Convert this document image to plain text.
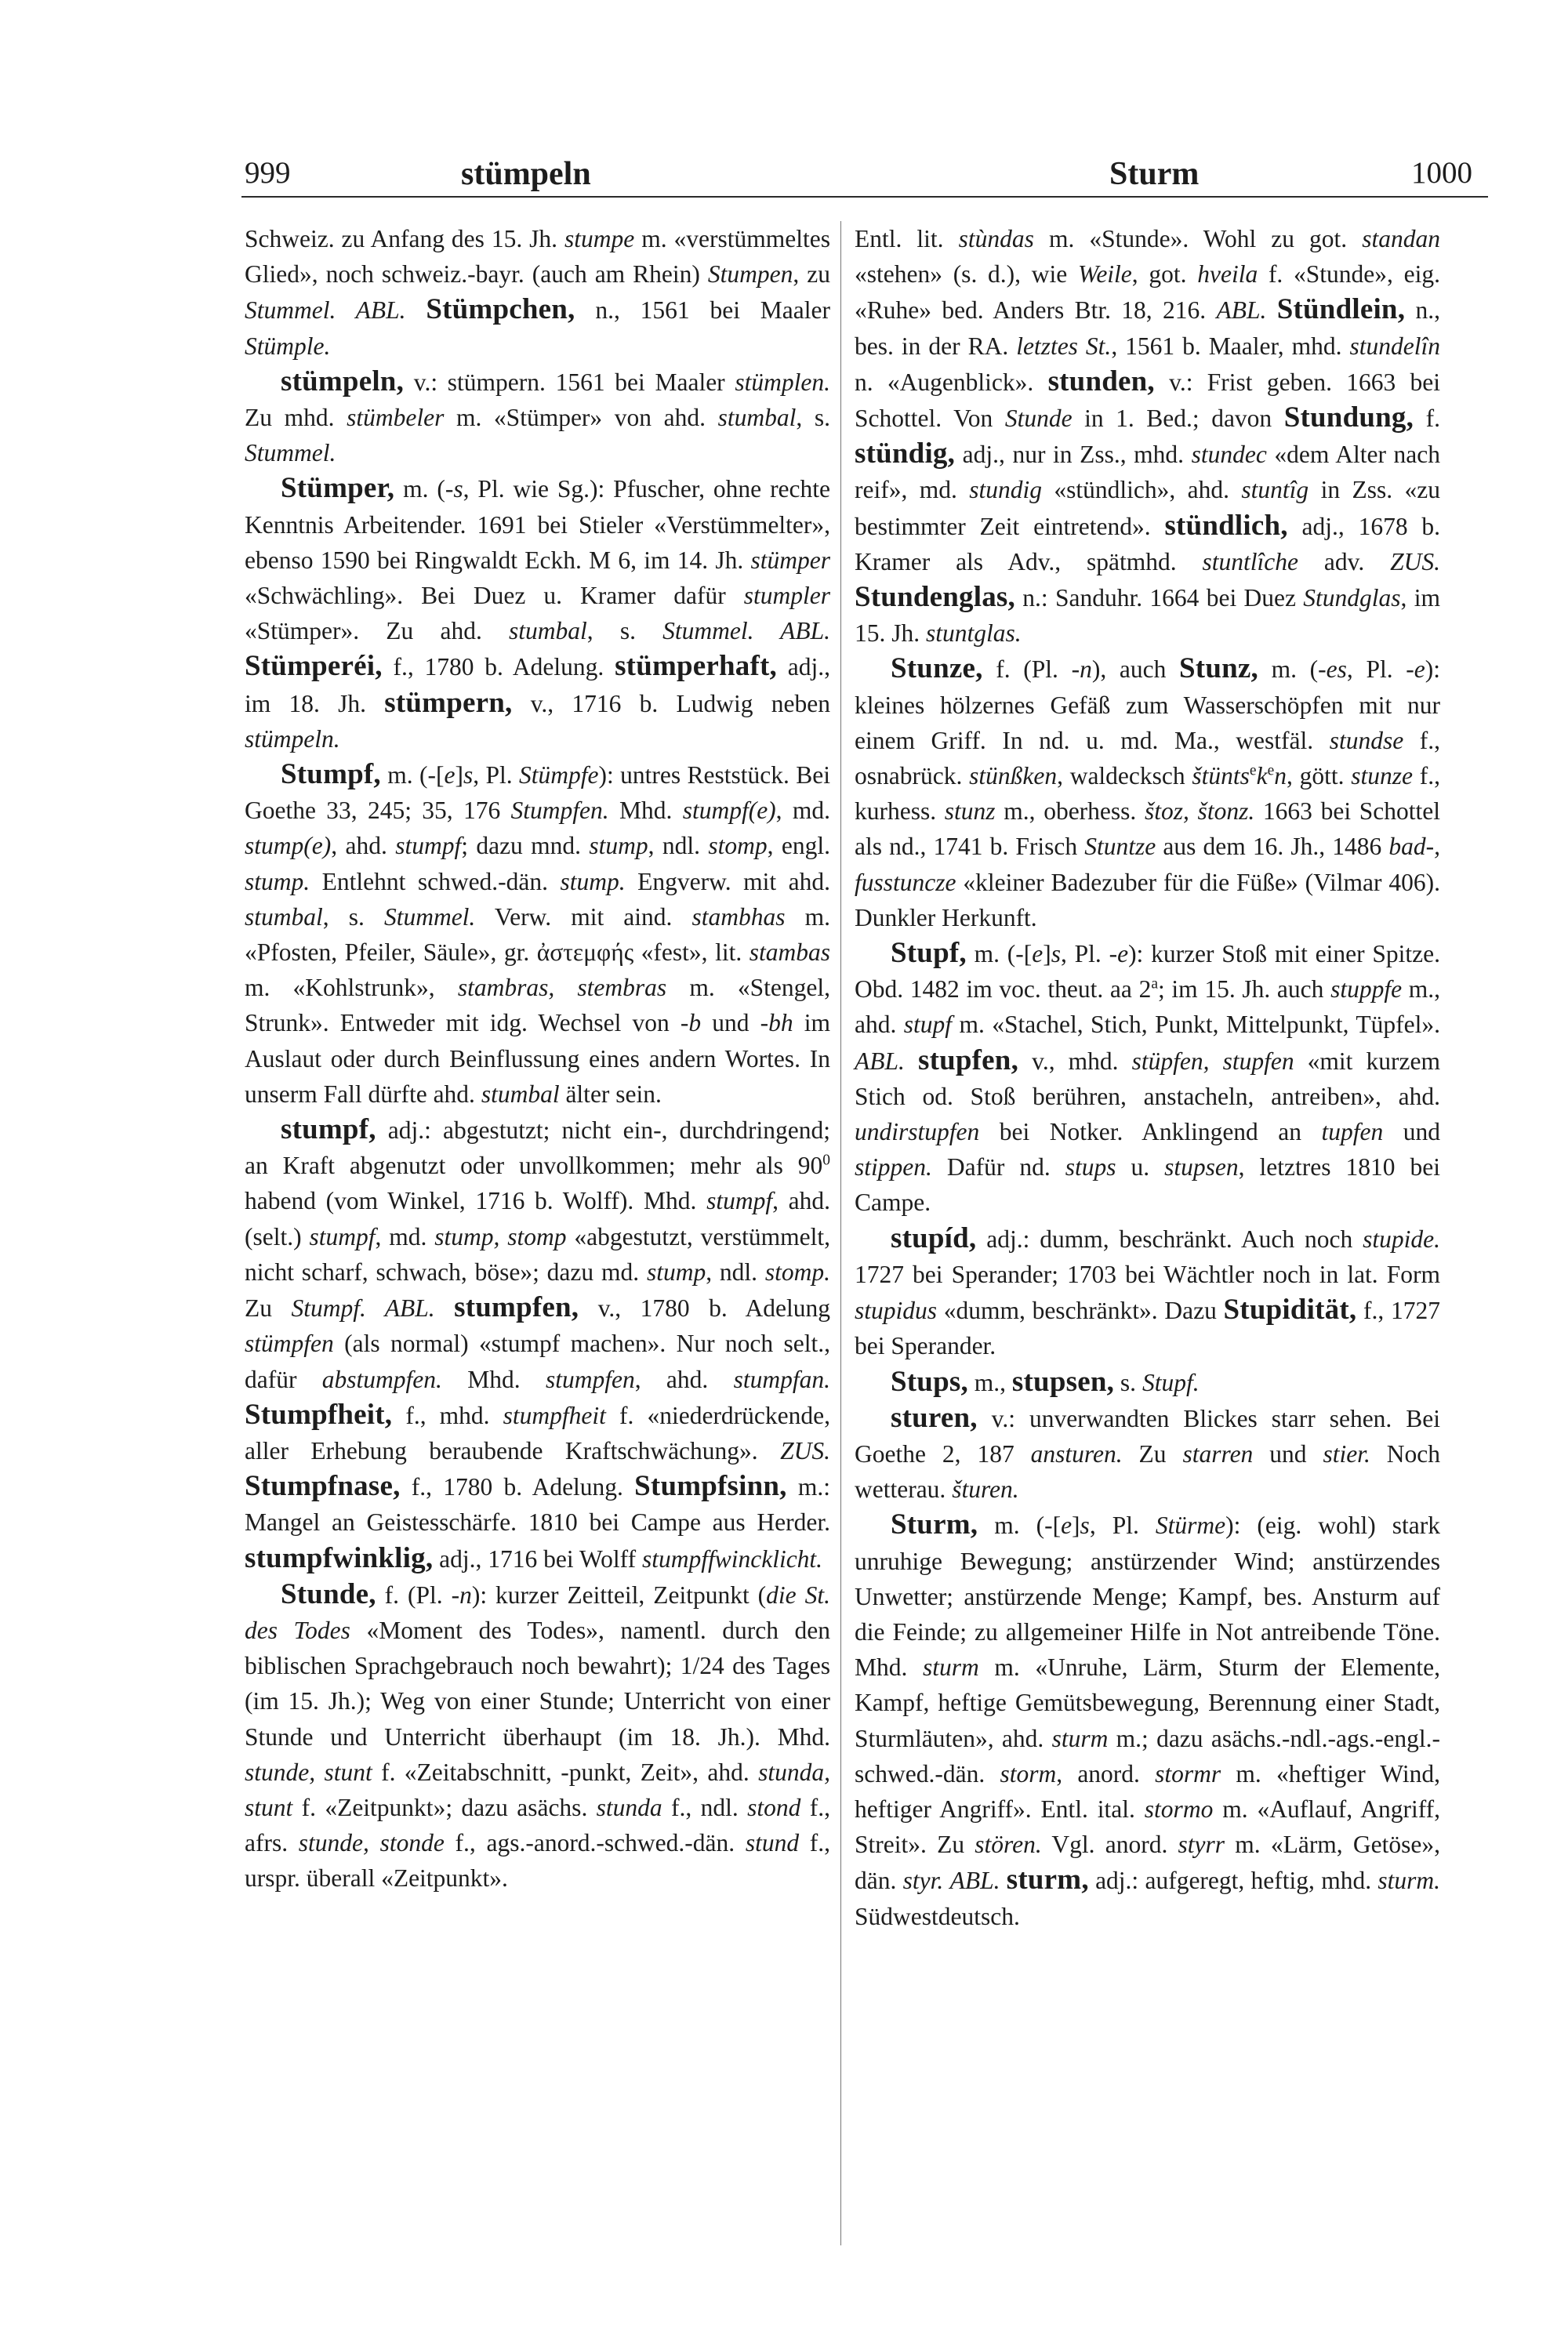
999	stümpeln	Sturm	1000

Schweiz. zu Anfang des 15. Jh. stumpe m. «verstümmeltes Glied», noch schweiz.-bayr. (auch am Rhein) Stumpen, zu Stummel. ABL. Stümpchen, n., 1561 bei Maaler Stümple.

stümpeln, v.: stümpern. 1561 bei Maaler stümplen. Zu mhd. stümbeler m. «Stümper» von ahd. stumbal, s. Stummel.

Stümper, m. (-s, Pl. wie Sg.): Pfuscher, ohne rechte Kenntnis Arbeitender. 1691 bei Stieler «Verstümmelter», ebenso 1590 bei Ringwaldt Eckh. M 6, im 14. Jh. stümper «Schwächling». Bei Duez u. Kramer dafür stumpler «Stümper». Zu ahd. stumbal, s. Stummel. ABL. Stümperéi, f., 1780 b. Adelung. stümperhaft, adj., im 18. Jh. stümpern, v., 1716 b. Ludwig neben stümpeln.

Stumpf, m. (-[e]s, Pl. Stümpfe): untres Reststück. Bei Goethe 33, 245; 35, 176 Stumpfen. Mhd. stumpf(e), md. stump(e), ahd. stumpf; dazu mnd. stump, ndl. stomp, engl. stump. Entlehnt schwed.-dän. stump. Engverw. mit ahd. stumbal, s. Stummel. Verw. mit aind. stambhas m. «Pfosten, Pfeiler, Säule», gr. ἀστεμφής «fest», lit. stambas m. «Kohlstrunk», stambras, stembras m. «Stengel, Strunk». Entweder mit idg. Wechsel von -b und -bh im Auslaut oder durch Beinflussung eines andern Wortes. In unserm Fall dürfte ahd. stumbal älter sein.

stumpf, adj.: abgestutzt; nicht ein-, durchdringend; an Kraft abgenutzt oder unvollkommen; mehr als $90^0$ habend (vom Winkel, 1716 b. Wolff). Mhd. stumpf, ahd. (selt.) stumpf, md. stump, stomp «abgestutzt, verstümmelt, nicht scharf, schwach, böse»; dazu md. stump, ndl. stomp. Zu Stumpf. ABL. stumpfen, v., 1780 b. Adelung stümpfen (als normal) «stumpf machen». Nur noch selt., dafür abstumpfen. Mhd. stumpfen, ahd. stumpfan. Stumpfheit, f., mhd. stumpfheit f. «niederdrückende, aller Erhebung beraubende Kraftschwächung». ZUS. Stumpfnase, f., 1780 b. Adelung. Stumpfsinn, m.: Mangel an Geistesschärfe. 1810 bei Campe aus Herder. stumpfwinklig, adj., 1716 bei Wolff stumpffwincklicht.

Stunde, f. (Pl. -n): kurzer Zeitteil, Zeitpunkt (die St. des Todes «Moment des Todes», namentl. durch den biblischen Sprachgebrauch noch bewahrt); 1/24 des Tages (im 15. Jh.); Weg von einer Stunde; Unterricht von einer Stunde und Unterricht überhaupt (im 18. Jh.). Mhd. stunde, stunt f. «Zeitabschnitt, -punkt, Zeit», ahd. stunda, stunt f. «Zeitpunkt»; dazu asächs. stunda f., ndl. stond f., afrs. stunde, stonde f., ags.-anord.-schwed.-dän. stund f., urspr. überall «Zeitpunkt».

Entl. lit. stùndas m. «Stunde». Wohl zu got. standan «stehen» (s. d.), wie Weile, got. hveila f. «Stunde», eig. «Ruhe» bed. Anders Btr. 18, 216. ABL. Stündlein, n., bes. in der RA. letztes St., 1561 b. Maaler, mhd. stundelîn n. «Augenblick». stunden, v.: Frist geben. 1663 bei Schottel. Von Stunde in 1. Bed.; davon Stundung, f. stündig, adj., nur in Zss., mhd. stundec «dem Alter nach reif», md. stundig «stündlich», ahd. stuntîg in Zss. «zu bestimmter Zeit eintretend». stündlich, adj., 1678 b. Kramer als Adv., spätmhd. stuntlîche adv. ZUS. Stundenglas, n.: Sanduhr. 1664 bei Duez Stundglas, im 15. Jh. stuntglas.

Stunze, f. (Pl. -n), auch Stunz, m. (-es, Pl. -e): kleines hölzernes Gefäß zum Wasserschöpfen mit nur einem Griff. In nd. u. md. Ma., westfäl. stundse f., osnabrück. stünßken, waldecksch $štünts^ek^en$, gött. stunze f., kurhess. stunz m., oberhess. štoz, štonz. 1663 bei Schottel als nd., 1741 b. Frisch Stuntze aus dem 16. Jh., 1486 bad-, fusstuncze «kleiner Badezuber für die Füße» (Vilmar 406). Dunkler Herkunft.

Stupf, m. (-[e]s, Pl. -e): kurzer Stoß mit einer Spitze. Obd. 1482 im voc. theut. aa 2$^a$; im 15. Jh. auch stuppfe m., ahd. stupf m. «Stachel, Stich, Punkt, Mittelpunkt, Tüpfel». ABL. stupfen, v., mhd. stüpfen, stupfen «mit kurzem Stich od. Stoß berühren, anstacheln, antreiben», ahd. undirstupfen bei Notker. Anklingend an tupfen und stippen. Dafür nd. stups u. stupsen, letztres 1810 bei Campe.

stupíd, adj.: dumm, beschränkt. Auch noch stupide. 1727 bei Sperander; 1703 bei Wächtler noch in lat. Form stupidus «dumm, beschränkt». Dazu Stupidität, f., 1727 bei Sperander.

Stups, m., stupsen, s. Stupf.

sturen, v.: unverwandten Blickes starr sehen. Bei Goethe 2, 187 ansturen. Zu starren und stier. Noch wetterau. šturen.

Sturm, m. (-[e]s, Pl. Stürme): (eig. wohl) stark unruhige Bewegung; anstürzender Wind; anstürzendes Unwetter; anstürzende Menge; Kampf, bes. Ansturm auf die Feinde; zu allgemeiner Hilfe in Not antreibende Töne. Mhd. sturm m. «Unruhe, Lärm, Sturm der Elemente, Kampf, heftige Gemütsbewegung, Berennung einer Stadt, Sturmläuten», ahd. sturm m.; dazu asächs.-ndl.-ags.-engl.-schwed.-dän. storm, anord. stormr m. «heftiger Wind, heftiger Angriff». Entl. ital. stormo m. «Auflauf, Angriff, Streit». Zu stören. Vgl. anord. styrr m. «Lärm, Getöse», dän. styr. ABL. sturm, adj.: aufgeregt, heftig, mhd. sturm. Südwestdeutsch.
